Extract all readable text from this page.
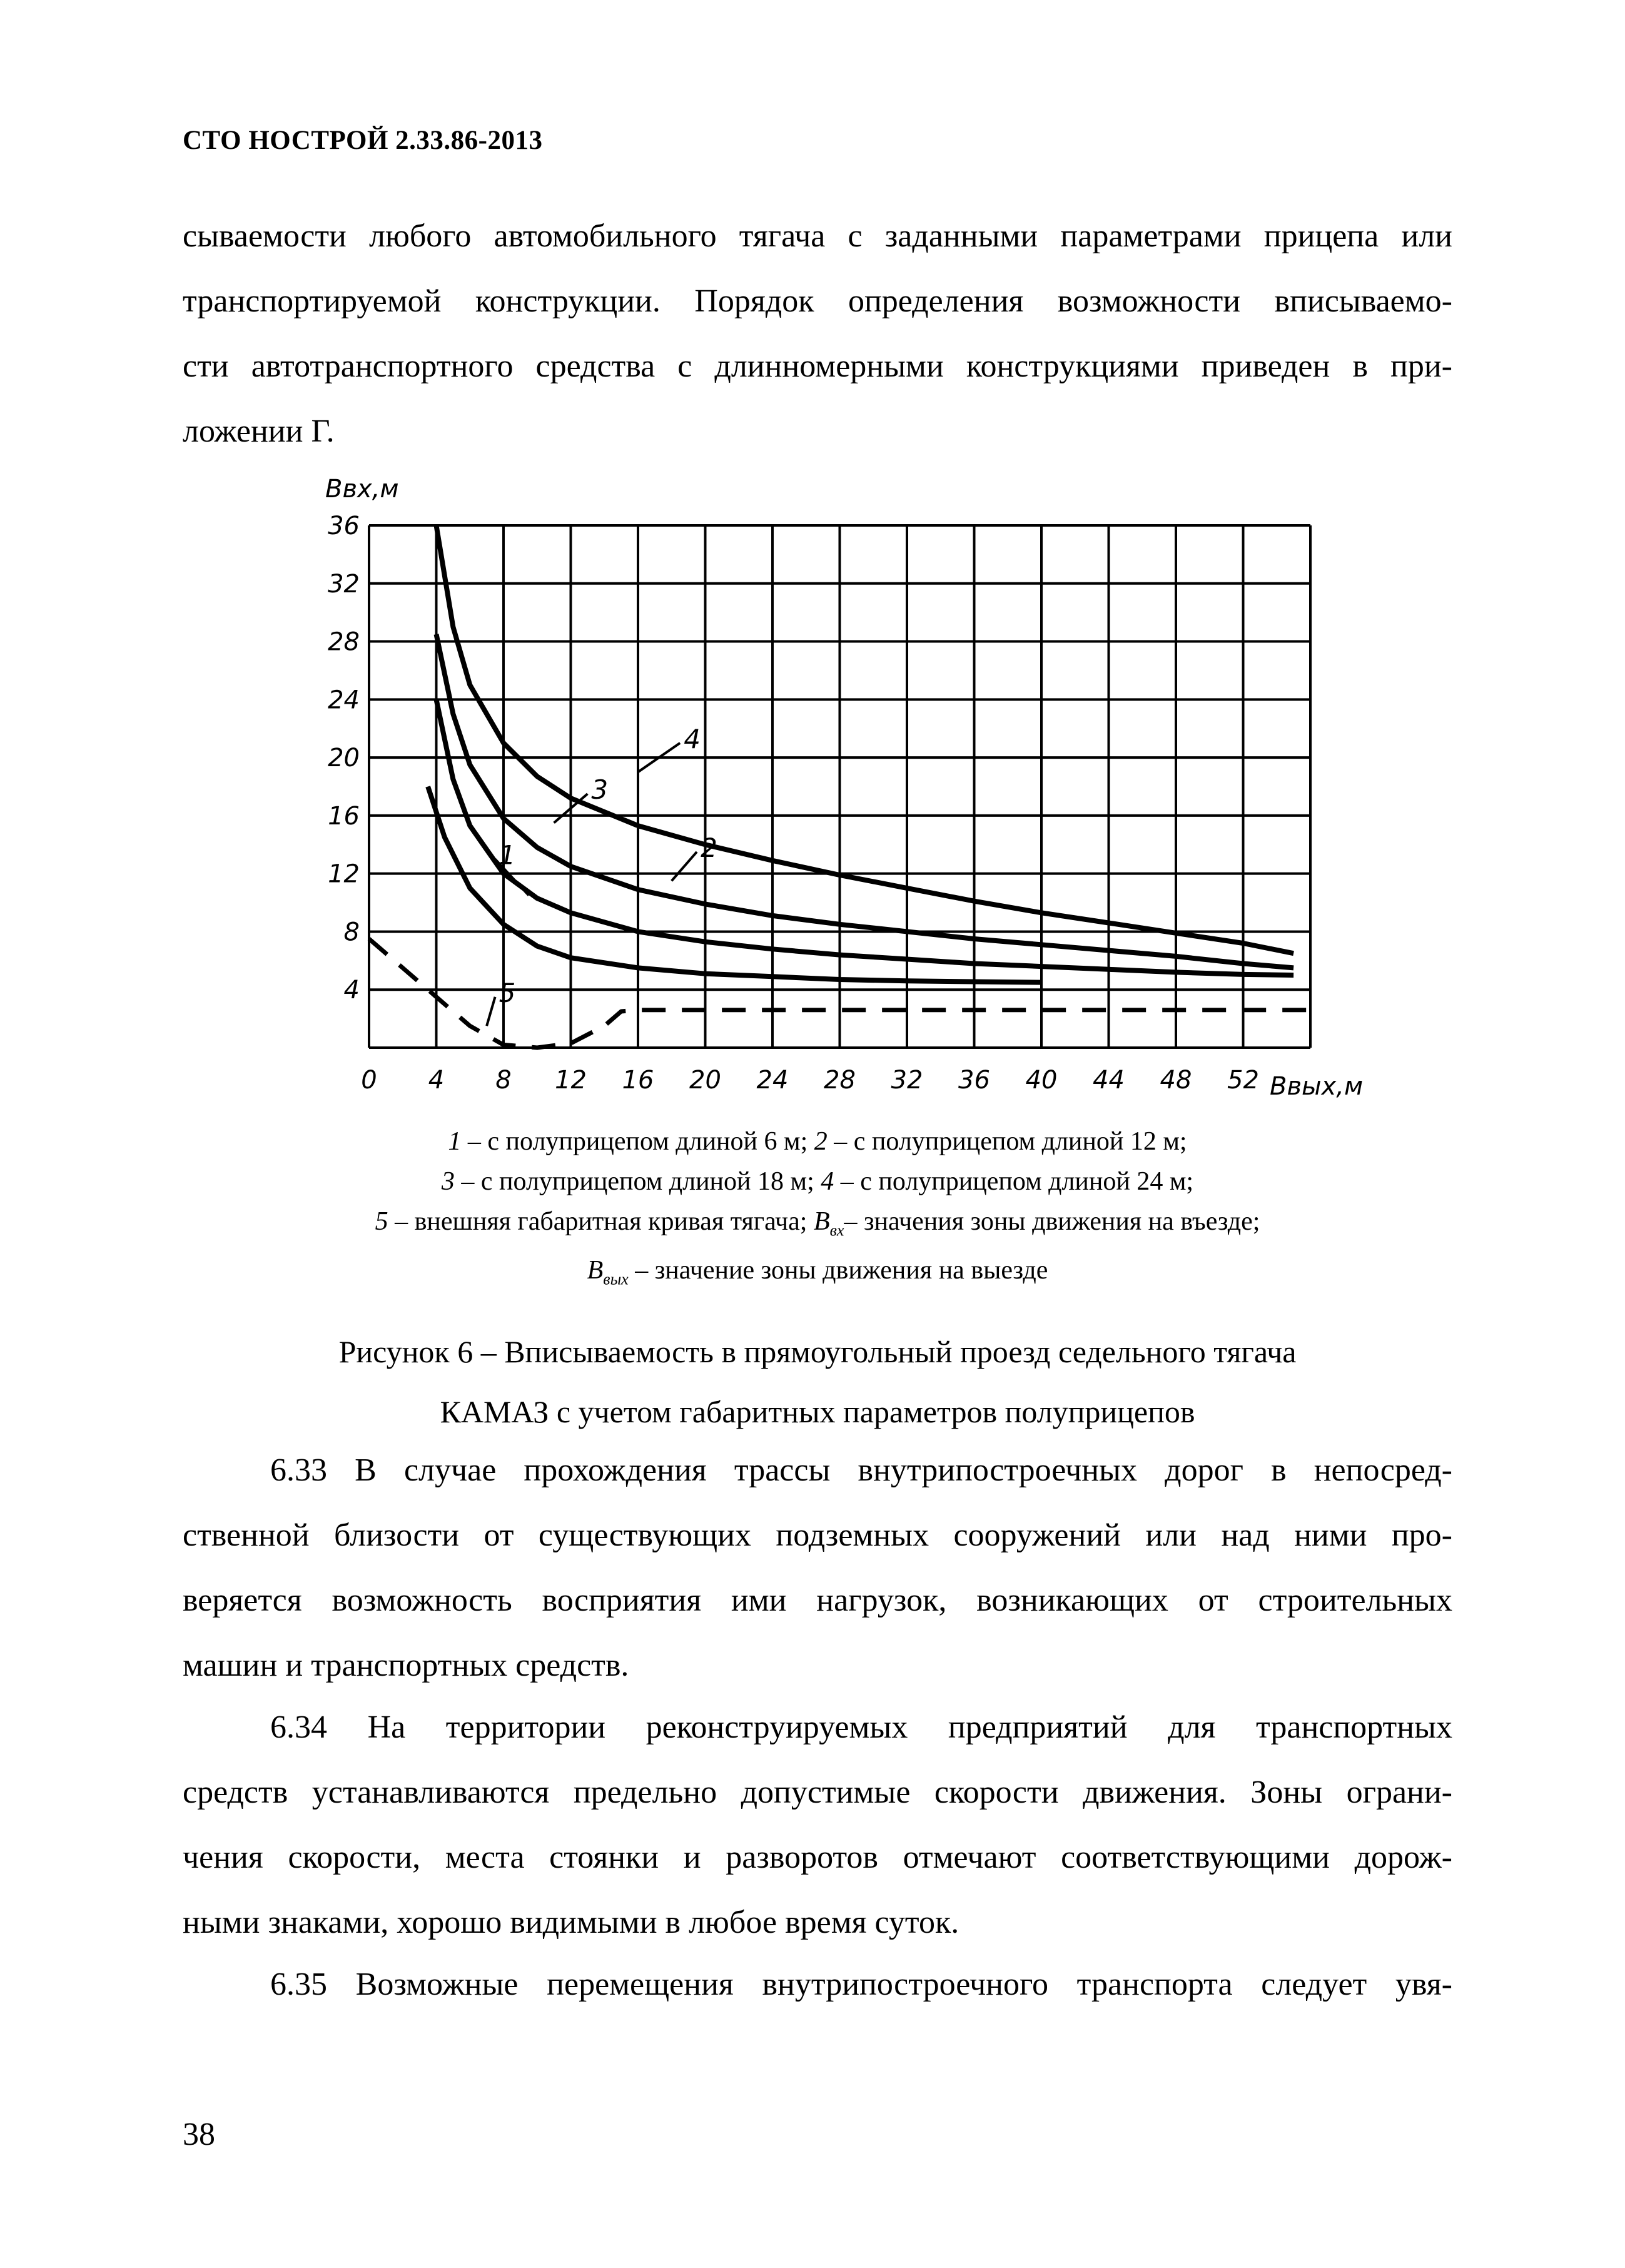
СТО НОСТРОЙ 2.33.86-2013
сываемости любого автомобильного тягача с заданными параметрами прицепа или
транспортируемой конструкции. Порядок определения возможности вписываемо-
сти автотранспортного средства с длинномерными конструкциями приведен в при-
ложении Г.
0 4 8 12 16 20 24 28 32 36 40 44 48 52
4
8
12
16
20
24
28
32
36
1	2
3
4
5
Bвх,м
Bвых,м
1 – с полуприцепом длиной 6 м; 2 – с полуприцепом длиной 12 м;
3 – с полуприцепом длиной 18 м; 4 – с полуприцепом длиной 24 м;
5 – внешняя габаритная кривая тягача; $B_{вх}-$ значения зоны движения на въезде;
$B_{вых}$ – значение зоны движения на выезде
Рисунок 6 – Вписываемость в прямоугольный проезд седельного тягача
КАМАЗ с учетом габаритных параметров полуприцепов
6.33 В случае прохождения трассы внутрипостроечных дорог в непосред-
ственной близости от существующих подземных сооружений или над ними про-
веряется возможность восприятия ими нагрузок, возникающих от строительных
машин и транспортных средств.
6.34 На территории реконструируемых предприятий для транспортных
средств устанавливаются предельно допустимые скорости движения. Зоны ограни-
чения скорости, места стоянки и разворотов отмечают соответствующими дорож-
ными знаками, хорошо видимыми в любое время суток.
6.35 Возможные перемещения внутрипостроечного транспорта следует увя-
38
